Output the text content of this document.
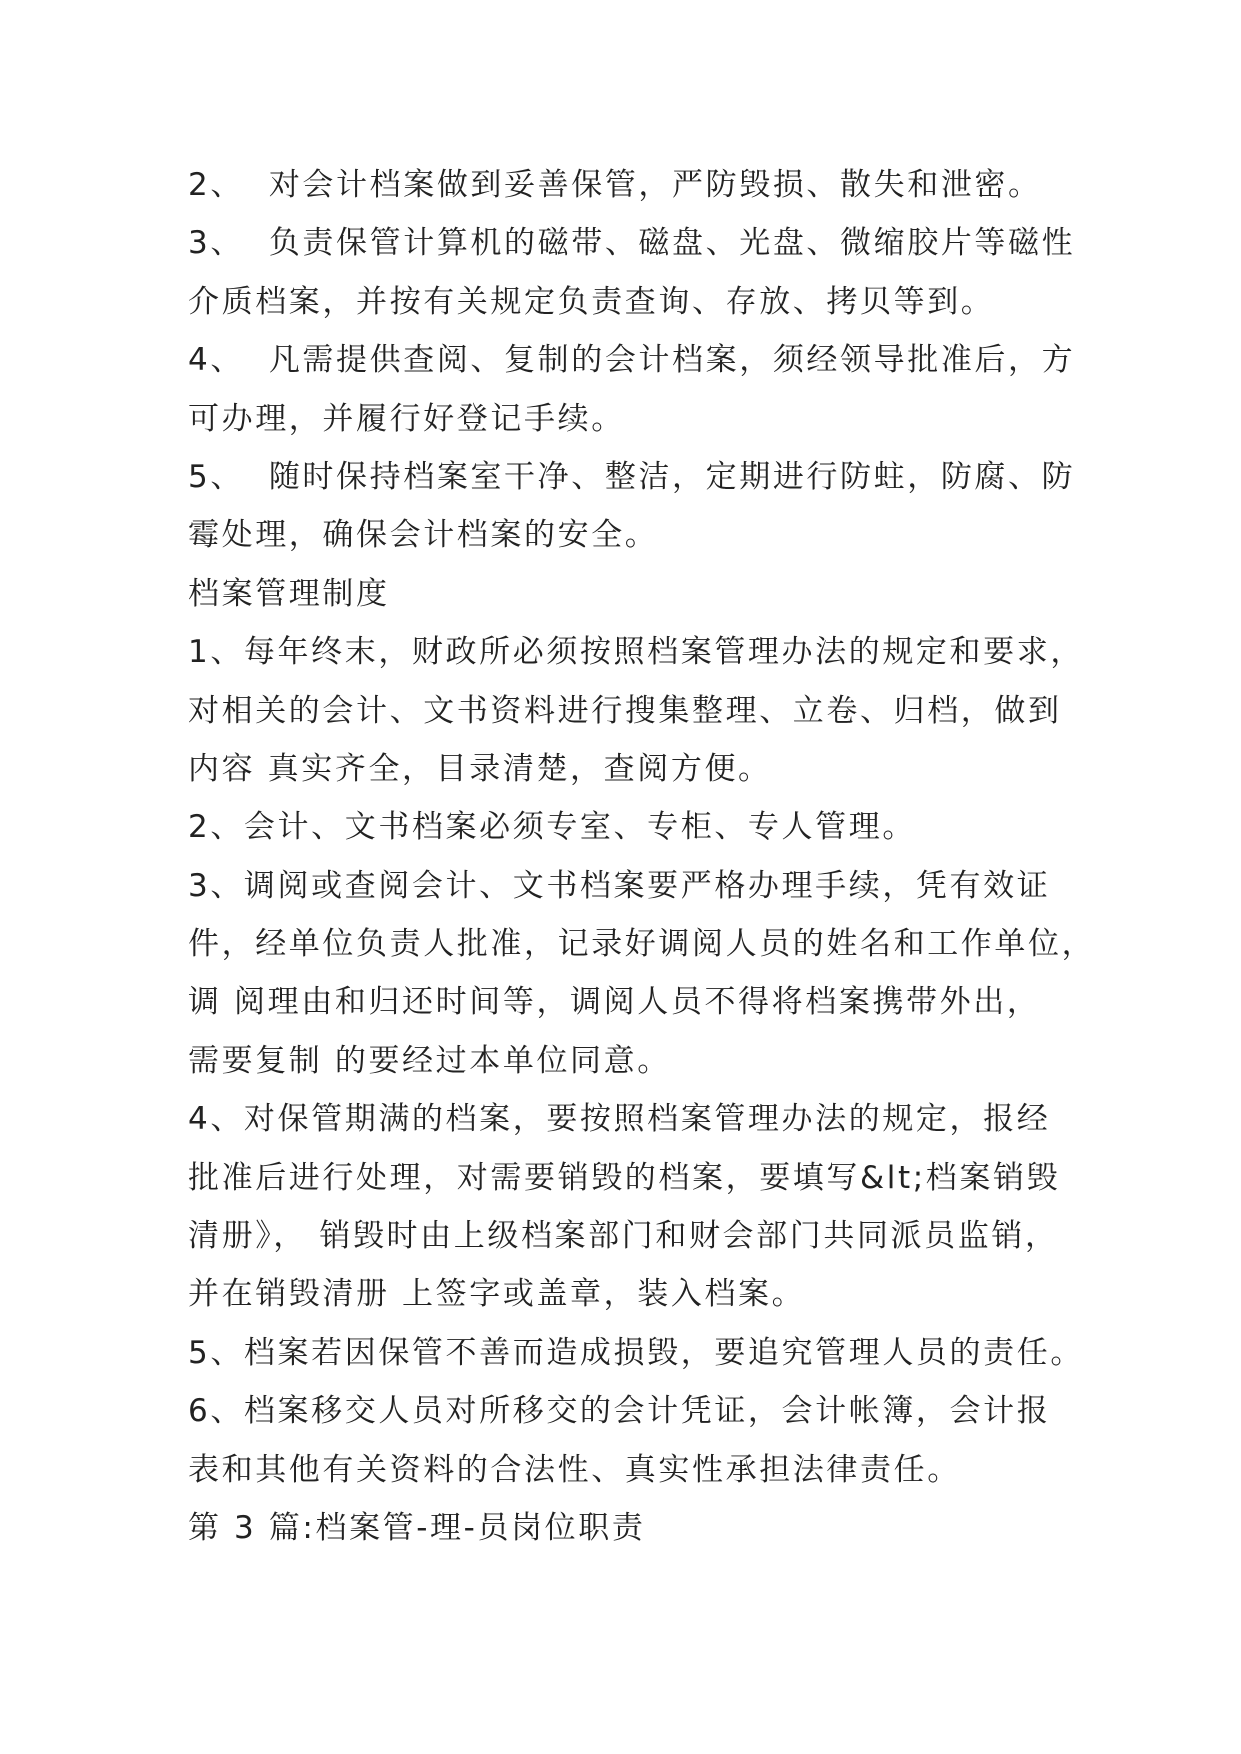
2、  对会计档案做到妥善保管，严防毁损、散失和泄密。
3、  负责保管计算机的磁带、磁盘、光盘、微缩胶片等磁性
介质档案，并按有关规定负责查询、存放、拷贝等到。
4、  凡需提供查阅、复制的会计档案，须经领导批准后，方
可办理，并履行好登记手续。
5、  随时保持档案室干净、整洁，定期进行防蛀，防腐、防
霉处理，确保会计档案的安全。
档案管理制度
1、每年终末，财政所必须按照档案管理办法的规定和要求，
对相关的会计、文书资料进行搜集整理、立卷、归档，做到
内容 真实齐全，目录清楚，查阅方便。
2、会计、文书档案必须专室、专柜、专人管理。
3、调阅或查阅会计、文书档案要严格办理手续，凭有效证
件，经单位负责人批准，记录好调阅人员的姓名和工作单位，
调 阅理由和归还时间等，调阅人员不得将档案携带外出，
需要复制 的要经过本单位同意。
4、对保管期满的档案，要按照档案管理办法的规定，报经
批准后进行处理，对需要销毁的档案，要填写&lt;档案销毁
清册》， 销毁时由上级档案部门和财会部门共同派员监销，
并在销毁清册 上签字或盖章，装入档案。
5、档案若因保管不善而造成损毁，要追究管理人员的责任。
6、档案移交人员对所移交的会计凭证，会计帐簿，会计报
表和其他有关资料的合法性、真实性承担法律责任。
第 3 篇:档案管-理-员岗位职责
